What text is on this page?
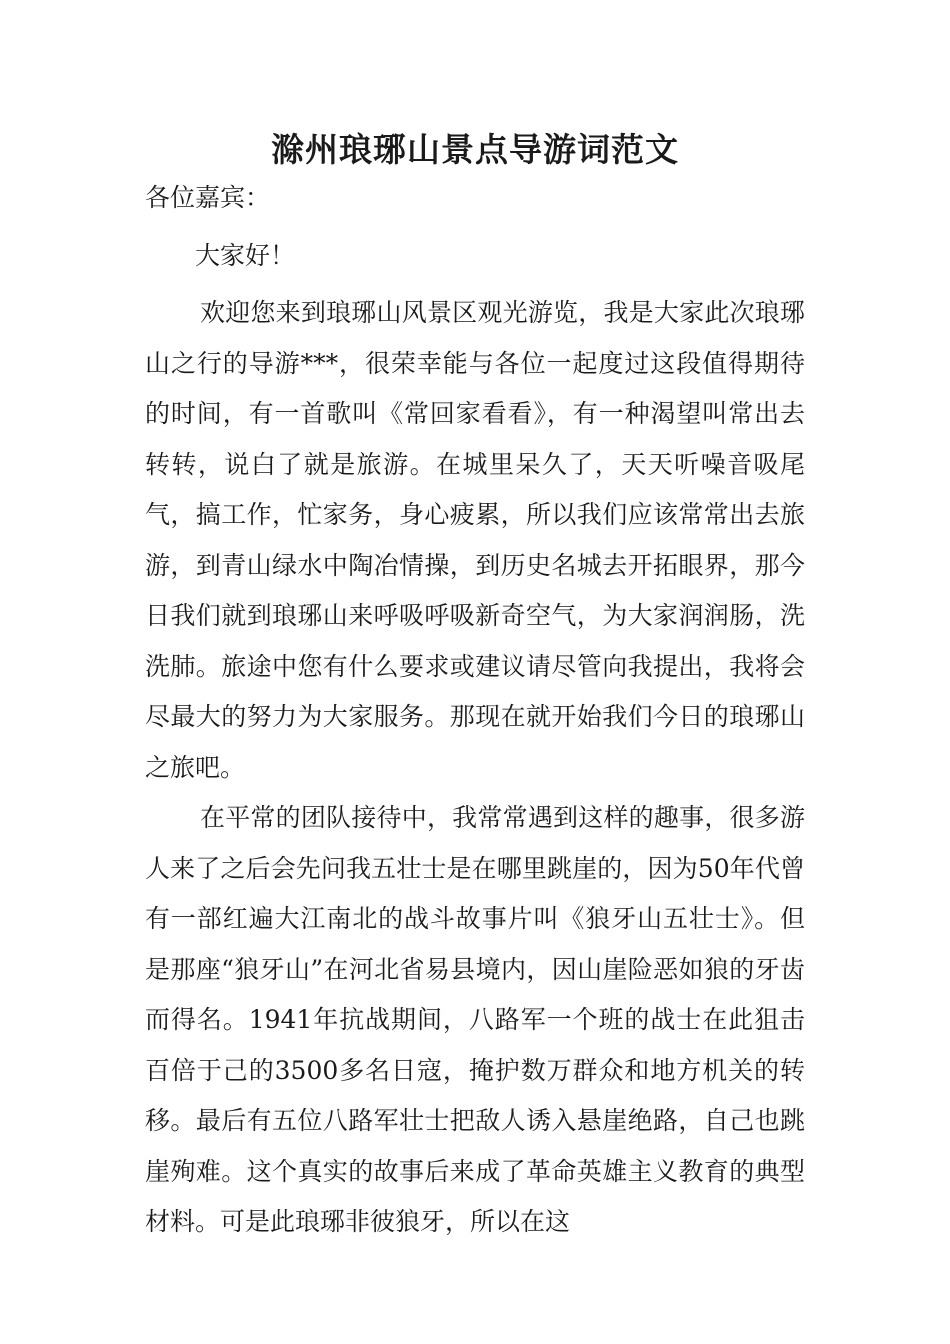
滁州琅琊山景点导游词范文

各位嘉宾：

大家好！

欢迎您来到琅琊山风景区观光游览，我是大家此次琅琊山之行的导游***，很荣幸能与各位一起度过这段值得期待的时间，有一首歌叫《常回家看看》，有一种渴望叫常出去转转，说白了就是旅游。在城里呆久了，天天听噪音吸尾气，搞工作，忙家务，身心疲累，所以我们应该常常出去旅游，到青山绿水中陶冶情操，到历史名城去开拓眼界，那今日我们就到琅琊山来呼吸呼吸新奇空气，为大家润润肠，洗洗肺。旅途中您有什么要求或建议请尽管向我提出，我将会尽最大的努力为大家服务。那现在就开始我们今日的琅琊山之旅吧。

在平常的团队接待中，我常常遇到这样的趣事，很多游人来了之后会先问我五壮士是在哪里跳崖的，因为50年代曾有一部红遍大江南北的战斗故事片叫《狼牙山五壮士》。但是那座“狼牙山”在河北省易县境内，因山崖险恶如狼的牙齿而得名。1941年抗战期间，八路军一个班的战士在此狙击百倍于己的3500多名日寇，掩护数万群众和地方机关的转移。最后有五位八路军壮士把敌人诱入悬崖绝路，自己也跳崖殉难。这个真实的故事后来成了革命英雄主义教育的典型材料。可是此琅琊非彼狼牙，所以在这
